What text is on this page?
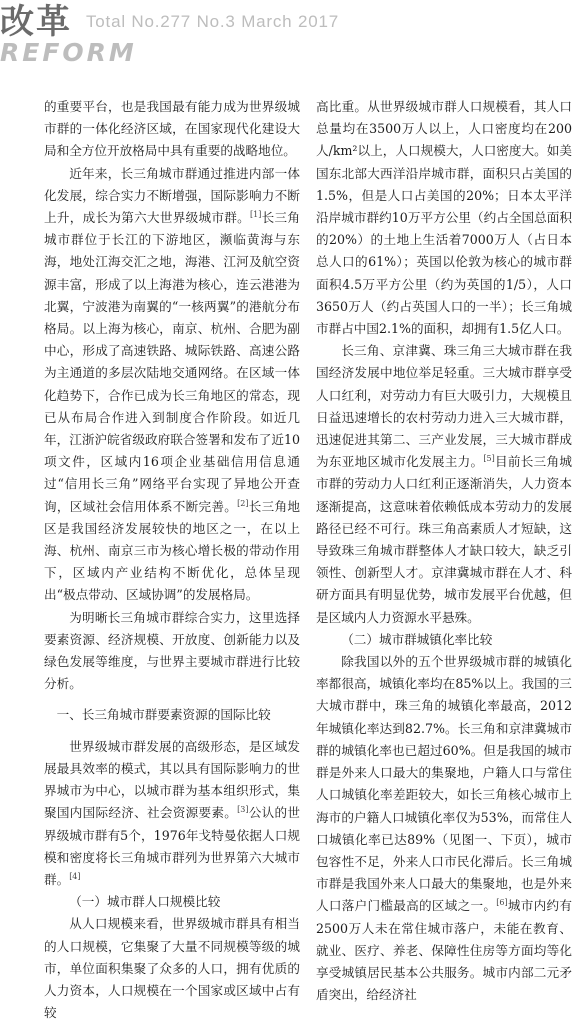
改革 Total No.277 No.3 March 2017
REFORM

的重要平台，也是我国最有能力成为世界级城市群的一体化经济区域，在国家现代化建设大局和全方位开放格局中具有重要的战略地位。

近年来，长三角城市群通过推进内部一体化发展，综合实力不断增强，国际影响力不断上升，成长为第六大世界级城市群。[1]长三角城市群位于长江的下游地区，濒临黄海与东海，地处江海交汇之地，海港、江河及航空资源丰富，形成了以上海港为核心，连云港港为北翼，宁波港为南翼的“一核两翼”的港航分布格局。以上海为核心，南京、杭州、合肥为副中心，形成了高速铁路、城际铁路、高速公路为主通道的多层次陆地交通网络。在区域一体化趋势下，合作已成为长三角地区的常态，现已从布局合作进入到制度合作阶段。如近几年，江浙沪皖省级政府联合签署和发布了近10项文件，区域内16项企业基础信用信息通过“信用长三角”网络平台实现了异地公开查询，区域社会信用体系不断完善。[2]长三角地区是我国经济发展较快的地区之一，在以上海、杭州、南京三市为核心增长极的带动作用下，区域内产业结构不断优化，总体呈现出“极点带动、区域协调”的发展格局。

为明晰长三角城市群综合实力，这里选择要素资源、经济规模、开放度、创新能力以及绿色发展等维度，与世界主要城市群进行比较分析。

一、长三角城市群要素资源的国际比较

世界级城市群发展的高级形态，是区域发展最具效率的模式，其以具有国际影响力的世界城市为中心，以城市群为基本组织形式，集聚国内国际经济、社会资源要素。[3]公认的世界级城市群有5个，1976年戈特曼依据人口规模和密度将长三角城市群列为世界第六大城市群。[4]

（一）城市群人口规模比较

从人口规模来看，世界级城市群具有相当的人口规模，它集聚了大量不同规模等级的城市，单位面积集聚了众多的人口，拥有优质的人力资本，人口规模在一个国家或区域中占有较

高比重。从世界级城市群人口规模看，其人口总量均在3500万人以上，人口密度均在200人/km²以上，人口规模大，人口密度大。如美国东北部大西洋沿岸城市群，面积只占美国的1.5%，但是人口占美国的20%；日本太平洋沿岸城市群约10万平方公里（约占全国总面积的20%）的土地上生活着7000万人（占日本总人口的61%）；英国以伦敦为核心的城市群面积4.5万平方公里（约为英国的1/5），人口3650万人（约占英国人口的一半）；长三角城市群占中国2.1%的面积，却拥有1.5亿人口。

长三角、京津冀、珠三角三大城市群在我国经济发展中地位举足轻重。三大城市群享受人口红利，对劳动力有巨大吸引力，大规模且日益迅速增长的农村劳动力进入三大城市群，迅速促进其第二、三产业发展，三大城市群成为东亚地区城市化发展主力。[5]目前长三角城市群的劳动力人口红利正逐渐消失，人力资本逐渐提高，这意味着依赖低成本劳动力的发展路径已经不可行。珠三角高素质人才短缺，这导致珠三角城市群整体人才缺口较大，缺乏引领性、创新型人才。京津冀城市群在人才、科研方面具有明显优势，城市发展平台优越，但是区域内人力资源水平悬殊。

（二）城市群城镇化率比较

除我国以外的五个世界级城市群的城镇化率都很高，城镇化率均在85%以上。我国的三大城市群中，珠三角的城镇化率最高，2012年城镇化率达到82.7%。长三角和京津冀城市群的城镇化率也已超过60%。但是我国的城市群是外来人口最大的集聚地，户籍人口与常住人口城镇化率差距较大，如长三角核心城市上海市的户籍人口城镇化率仅为53%，而常住人口城镇化率已达89%（见图一、下页），城市包容性不足，外来人口市民化滞后。长三角城市群是我国外来人口最大的集聚地，也是外来人口落户门槛最高的区域之一。[6]城市内约有2500万人未在常住城市落户，未能在教育、就业、医疗、养老、保障性住房等方面均等化享受城镇居民基本公共服务。城市内部二元矛盾突出，给经济社
